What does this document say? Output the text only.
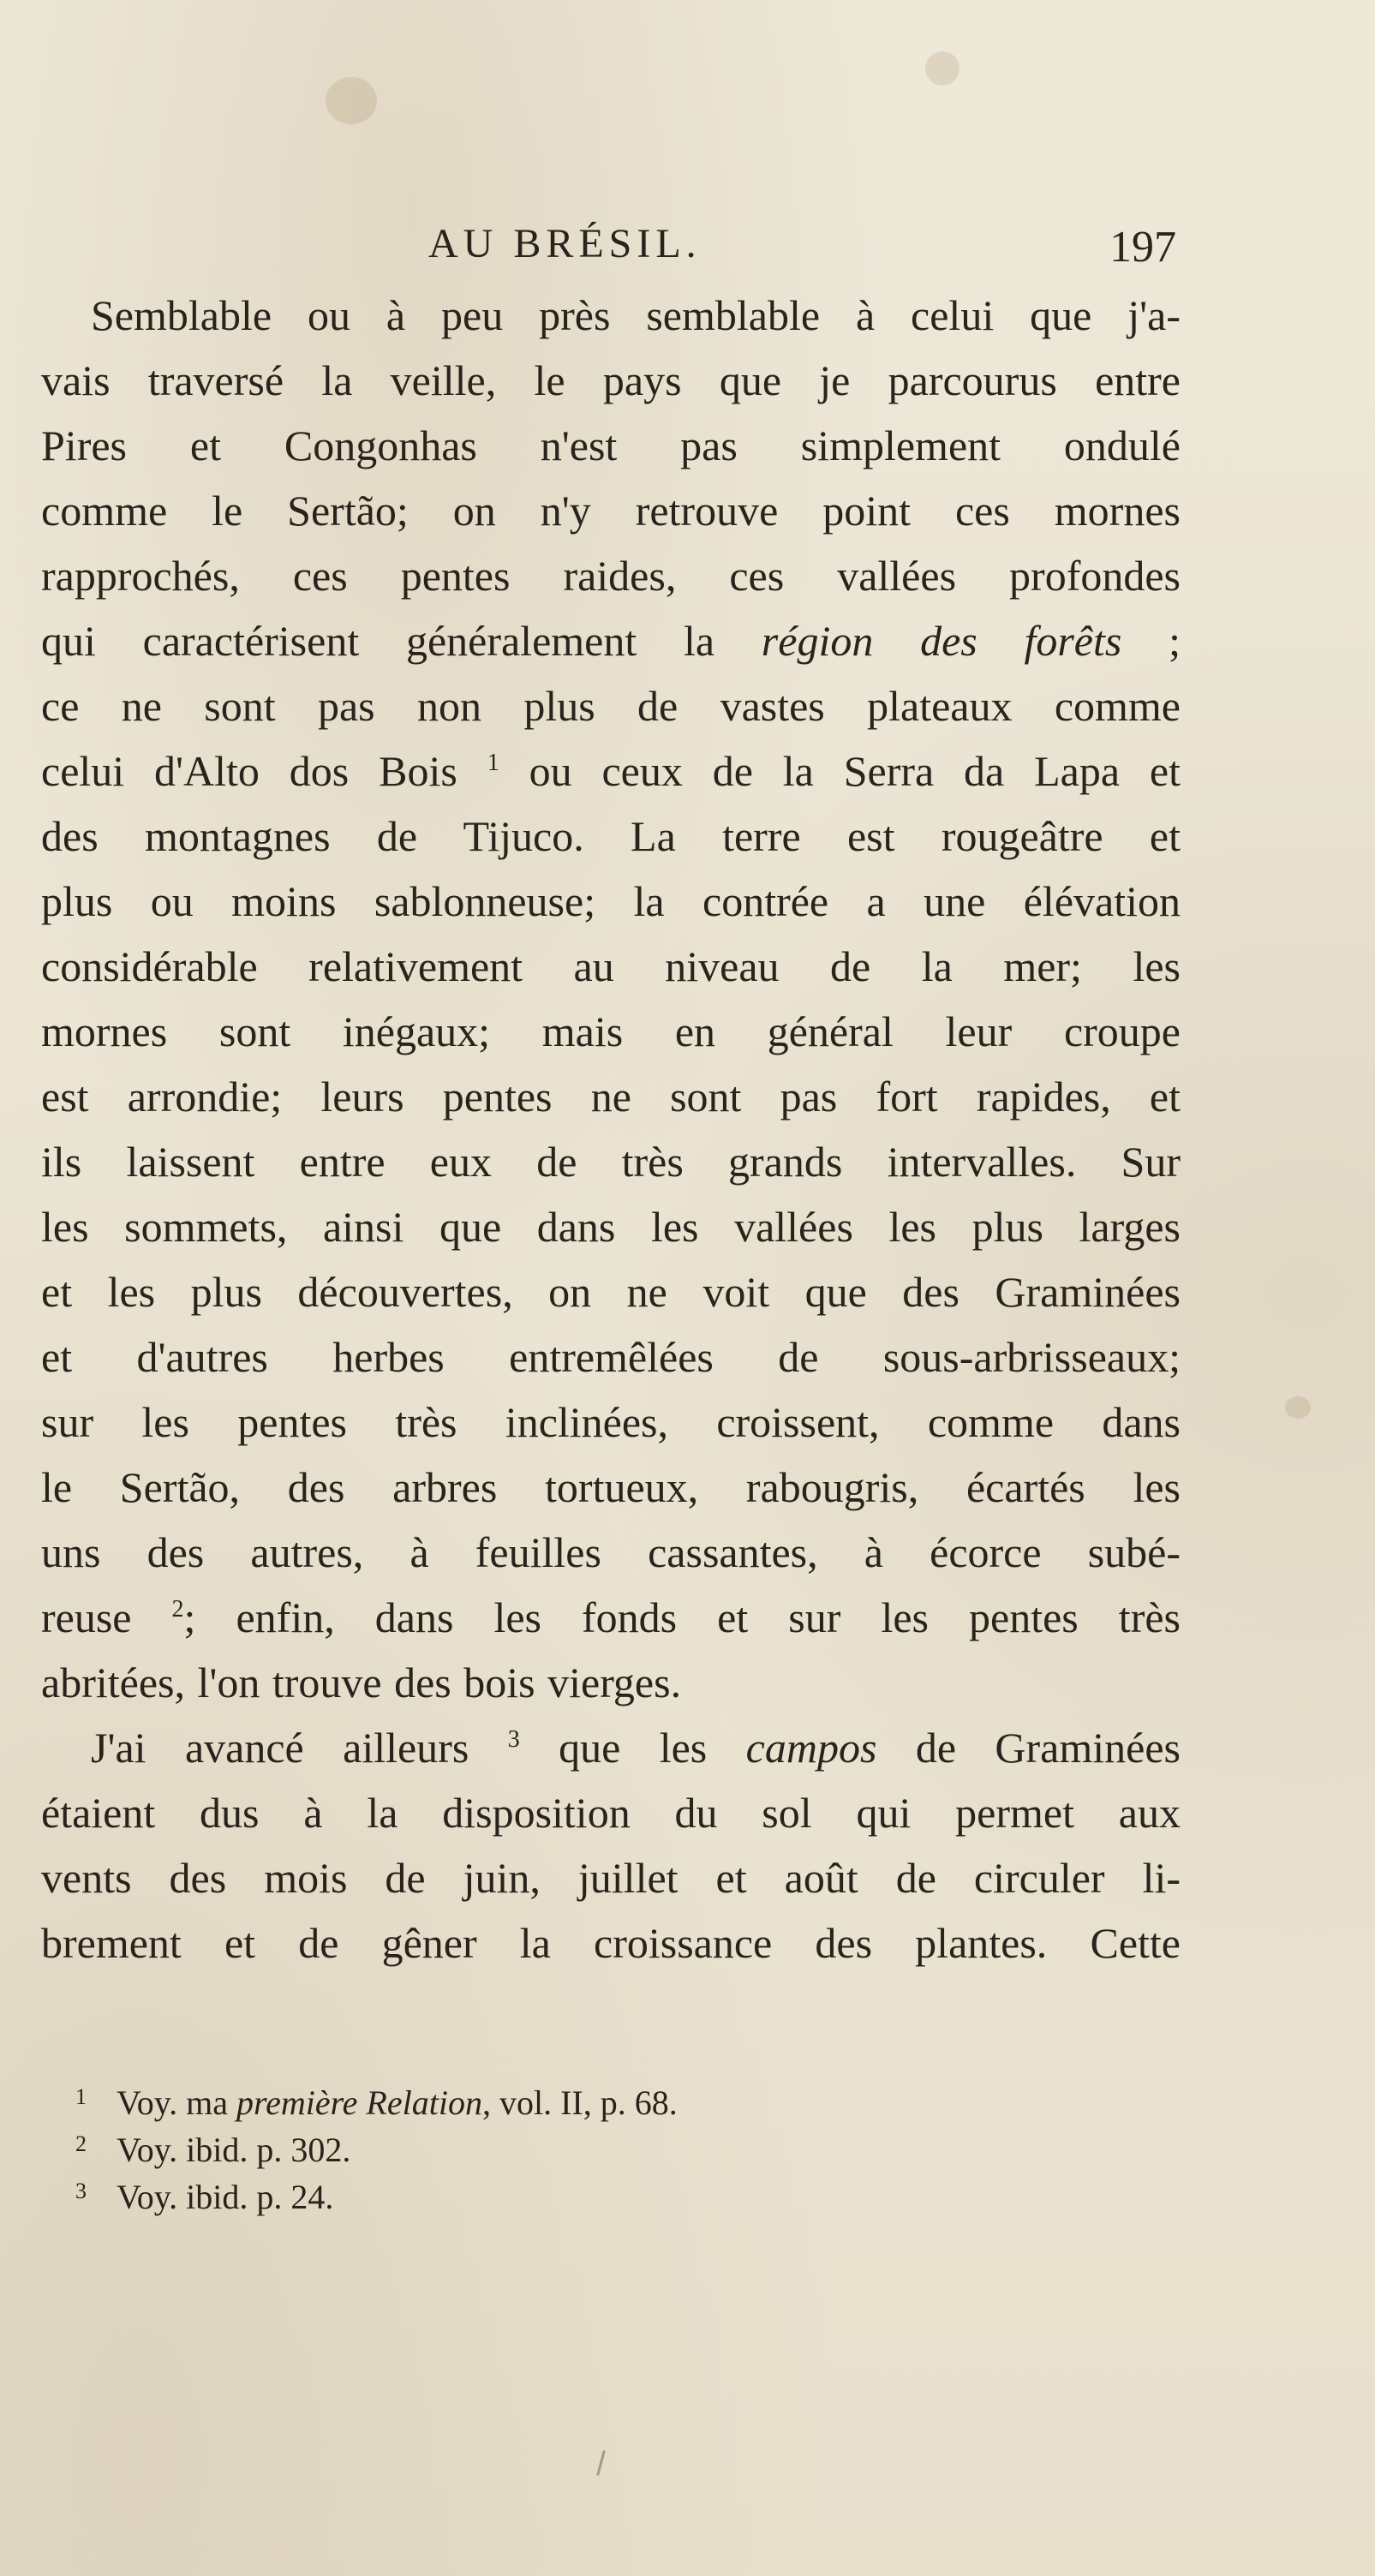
AU BRÉSIL.	197
Semblable ou à peu près semblable à celui que j'a-
vais traversé la veille, le pays que je parcourus entre
Pires et Congonhas n'est pas simplement ondulé
comme le Sertão; on n'y retrouve point ces mornes
rapprochés, ces pentes raides, ces vallées profondes
qui caractérisent généralement la région des forêts ;
ce ne sont pas non plus de vastes plateaux comme
celui d'Alto dos Bois $^1$ ou ceux de la Serra da Lapa et
des montagnes de Tijuco. La terre est rougeâtre et
plus ou moins sablonneuse; la contrée a une élévation
considérable relativement au niveau de la mer; les
mornes sont inégaux; mais en général leur croupe
est arrondie; leurs pentes ne sont pas fort rapides, et
ils laissent entre eux de très grands intervalles. Sur
les sommets, ainsi que dans les vallées les plus larges
et les plus découvertes, on ne voit que des Graminées
et d'autres herbes entremêlées de sous-arbrisseaux;
sur les pentes très inclinées, croissent, comme dans
le Sertão, des arbres tortueux, rabougris, écartés les
uns des autres, à feuilles cassantes, à écorce subé-
reuse $^2$; enfin, dans les fonds et sur les pentes très
abritées, l'on trouve des bois vierges.
J'ai avancé ailleurs $^3$ que les campos de Graminées
étaient dus à la disposition du sol qui permet aux
vents des mois de juin, juillet et août de circuler li-
brement et de gêner la croissance des plantes. Cette
1 Voy. ma première Relation, vol. II, p. 68.
2 Voy. ibid. p. 302.
3 Voy. ibid. p. 24.
